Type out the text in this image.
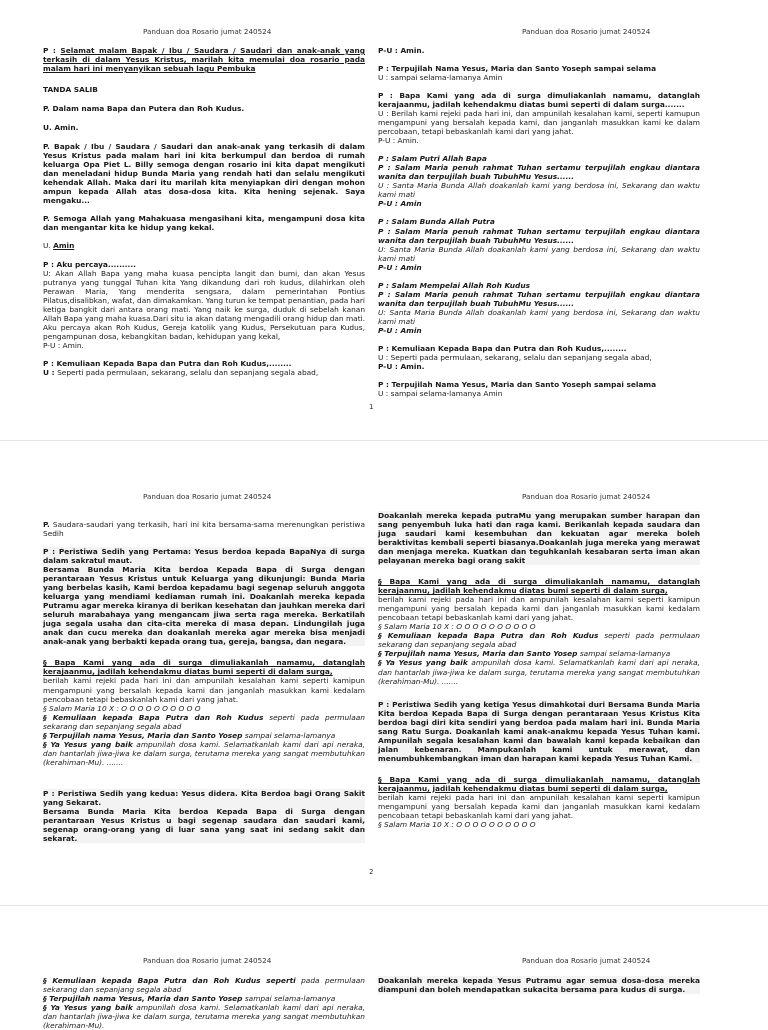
Panduan doa Rosario jumat 240524	Panduan doa Rosario jumat 240524

P : Selamat malam Bapak / Ibu / Saudara / Saudari dan anak-anak yang terkasih di dalam Yesus Kristus, marilah kita memulai doa rosario pada malam hari ini menyanyikan sebuah lagu Pembuka

TANDA SALIB

P. Dalam nama Bapa dan Putera dan Roh Kudus.

U. Amin.

P. Bapak / Ibu / Saudara / Saudari dan anak-anak yang terkasih di dalam Yesus Kristus pada malam hari ini kita berkumpul dan berdoa di rumah keluarga Opa Piet L. Billy semoga dengan rosario ini kita dapat mengikuti dan meneladani hidup Bunda Maria yang rendah hati dan selalu mengikuti kehendak Allah. Maka dari itu marilah kita menyiapkan diri dengan mohon ampun kepada Allah atas dosa-dosa kita. Kita hening sejenak. Saya mengaku...

P. Semoga Allah yang Mahakuasa mengasihani kita, mengampuni dosa kita dan mengantar kita ke hidup yang kekal.

U. Amin

P : Aku percaya..........

U: Akan Allah Bapa yang maha kuasa pencipta langit dan bumi, dan akan Yesus putranya yang tunggal Tuhan kita Yang dikandung dari roh kudus, dilahirkan oleh Perawan Maria, Yang menderita sengsara, dalam pemerintahan Pontius Pilatus,disalibkan, wafat, dan dimakamkan. Yang turun ke tempat penantian, pada hari ketiga bangkit dari antara orang mati. Yang naik ke surga, duduk di sebelah kanan Allah Bapa yang maha kuasa.Dari situ ia akan datang mengadili orang hidup dan mati. Aku percaya akan Roh Kudus, Gereja katolik yang Kudus, Persekutuan para Kudus, pengampunan dosa, kebangkitan badan, kehidupan yang kekal,

P-U : Amin.

P : Kemuliaan Kepada Bapa dan Putra dan Roh Kudus,........

U : Seperti pada permulaan, sekarang, selalu dan sepanjang segala abad,

P-U : Amin.

P : Terpujilah Nama Yesus, Maria dan Santo Yoseph sampai selama

U : sampai selama-lamanya Amin

P : Bapa Kami yang ada di surga dimuliakanlah namamu, datanglah kerajaanmu, jadilah kehendakmu diatas bumi seperti di dalam surga.......

U : Berilah kami rejeki pada hari ini, dan ampunilah kesalahan kami, seperti kamupun mengampuni yang bersalah kepada kami, dan janganlah masukkan kami ke dalam percobaan, tetapi bebaskanlah kami dari yang jahat.

P-U : Amin.

P : Salam Putri Allah Bapa

P : Salam Maria penuh rahmat Tuhan sertamu terpujilah engkau diantara wanita dan terpujilah buah TubuhMu Yesus......

U : Santa Maria Bunda Allah doakanlah kami yang berdosa ini, Sekarang dan waktu kami mati

P-U : Amin

P : Salam Bunda Allah Putra

P : Salam Maria penuh rahmat Tuhan sertamu terpujilah engkau diantara wanita dan terpujilah buah TubuhMu Yesus......

U: Santa Maria Bunda Allah doakanlah kami yang berdosa ini, Sekarang dan waktu kami mati

P-U : Amin

P : Salam Mempelai Allah Roh Kudus

P : Salam Maria penuh rahmat Tuhan sertamu terpujilah engkau diantara wanita dan terpujilah buah TubuhMu Yesus......

U: Santa Maria Bunda Allah doakanlah kami yang berdosa ini, Sekarang dan waktu kami mati

P-U : Amin

P : Kemuliaan Kepada Bapa dan Putra dan Roh Kudus,........

U : Seperti pada permulaan, sekarang, selalu dan sepanjang segala abad,

P-U : Amin.

P : Terpujilah Nama Yesus, Maria dan Santo Yoseph sampai selama

U : sampai selama-lamanya Amin

1
Panduan doa Rosario jumat 240524	Panduan doa Rosario jumat 240524

P. Saudara-saudari yang terkasih, hari ini kita bersama-sama merenungkan peristiwa Sedih

P : Peristiwa Sedih yang Pertama: Yesus berdoa kepada BapaNya di surga dalam sakratul maut.

Bersama Bunda Maria Kita berdoa Kepada Bapa di Surga dengan perantaraan Yesus Kristus untuk Keluarga yang dikunjungi: Bunda Maria yang berbelas kasih, Kami berdoa kepadamu bagi segenap seluruh anggota keluarga yang mendiami kediaman rumah ini. Doakanlah mereka kepada Putramu agar mereka kiranya di berikan kesehatan dan jauhkan mereka dari seluruh marabahaya yang mengancam jiwa serta raga mereka. Berkatilah juga segala usaha dan cita-cita mereka di masa depan. Lindungilah juga anak dan cucu mereka dan doakanlah mereka agar mereka bisa menjadi anak-anak yang berbakti kepada orang tua, gereja, bangsa, dan negara.

§ Bapa Kami yang ada di surga dimuliakanlah namamu, datanglah kerajaanmu, jadilah kehendakmu diatas bumi seperti di dalam surga,

berilah kami rejeki pada hari ini dan ampunilah kesalahan kami seperti kamipun mengampuni yang bersalah kepada kami dan janganlah masukkan kami kedalam pencobaan tetapi bebaskanlah kami dari yang jahat.

§ Salam Maria 10 X : O O O O O O O O O O

§ Kemuliaan kepada Bapa Putra dan Roh Kudus seperti pada permulaan sekarang dan sepanjang segala abad

§ Terpujilah nama Yesus, Maria dan Santo Yosep sampai selama-lamanya

§ Ya Yesus yang baik ampunilah dosa kami. Selamatkanlah kami dari api neraka, dan hantarlah jiwa-jiwa ke dalam surga, terutama mereka yang sangat membutuhkan (kerahiman-Mu). .......

P : Peristiwa Sedih yang kedua: Yesus didera. Kita Berdoa bagi Orang Sakit yang Sekarat.

Bersama Bunda Maria Kita berdoa Kepada Bapa di Surga dengan perantaraan Yesus Kristus u bagi segenap saudara dan saudari kami, segenap orang-orang yang di luar sana yang saat ini sedang sakit dan sekarat.

Doakanlah mereka kepada putraMu yang merupakan sumber harapan dan sang penyembuh luka hati dan raga kami. Berikanlah kepada saudara dan juga saudari kami kesembuhan dan kekuatan agar mereka boleh beraktivitas kembali seperti biasanya.Doakanlah juga mereka yang merawat dan menjaga mereka. Kuatkan dan teguhkanlah kesabaran serta iman akan pelayanan mereka bagi orang sakit

§ Bapa Kami yang ada di surga dimuliakanlah namamu, datanglah kerajaanmu, jadilah kehendakmu diatas bumi seperti di dalam surga,

berilah kami rejeki pada hari ini dan ampunilah kesalahan kami seperti kamipun mengampuni yang bersalah kepada kami dan janganlah masukkan kami kedalam pencobaan tetapi bebaskanlah kami dari yang jahat.

§ Salam Maria 10 X : O O O O O O O O O O

§ Kemuliaan kepada Bapa Putra dan Roh Kudus seperti pada permulaan sekarang dan sepanjang segala abad

§ Terpujilah nama Yesus, Maria dan Santo Yosep sampai selama-lamanya

§ Ya Yesus yang baik ampunilah dosa kami. Selamatkanlah kami dari api neraka, dan hantarlah jiwa-jiwa ke dalam surga, terutama mereka yang sangat membutuhkan (kerahiman-Mu). .......

P : Peristiwa Sedih yang ketiga Yesus dimahkotai duri Bersama Bunda Maria Kita berdoa Kepada Bapa di Surga dengan perantaraan Yesus Kristus Kita berdoa bagi diri kita sendiri yang berdoa pada malam hari ini. Bunda Maria sang Ratu Surga. Doakanlah kami anak-anakmu kepada Yesus Tuhan kami. Ampunilah segala kesalahan kami dan bawalah kami kepada kebaikan dan jalan kebenaran. Mampukanlah kami untuk merawat, dan menumbuhkembangkan iman dan harapan kami kepada Yesus Tuhan Kami.

§ Bapa Kami yang ada di surga dimuliakanlah namamu, datanglah kerajaanmu, jadilah kehendakmu diatas bumi seperti di dalam surga,

berilah kami rejeki pada hari ini dan ampunilah kesalahan kami seperti kamipun mengampuni yang bersalah kepada kami dan janganlah masukkan kami kedalam pencobaan tetapi bebaskanlah kami dari yang jahat.

§ Salam Maria 10 X : O O O O O O O O O O

2
Panduan doa Rosario jumat 240524	Panduan doa Rosario jumat 240524

§ Kemuliaan kepada Bapa Putra dan Roh Kudus seperti pada permulaan sekarang dan sepanjang segala abad

§ Terpujilah nama Yesus, Maria dan Santo Yosep sampai selama-lamanya

§ Ya Yesus yang baik ampunilah dosa kami. Selamatkanlah kami dari api neraka, dan hantarlah jiwa-jiwa ke dalam surga, terutama mereka yang sangat membutuhkan (kerahiman-Mu).

Doakanlah mereka kepada Yesus Putramu agar semua dosa-dosa mereka diampuni dan boleh mendapatkan sukacita bersama para kudus di surga.
